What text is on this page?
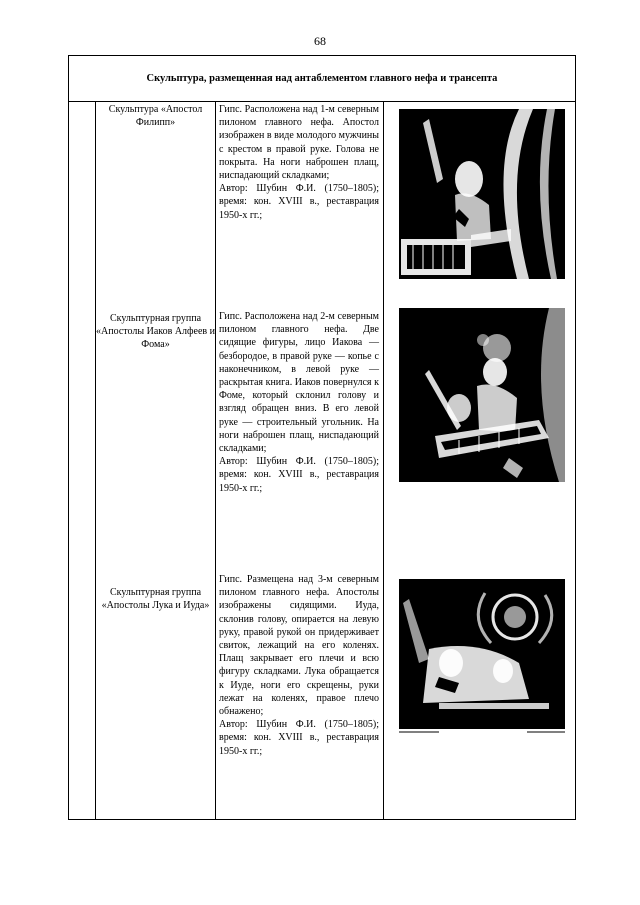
68
Скульптура, размещенная над антаблементом главного нефа и трансепта
Скульптура «Апостол Филипп»

Гипс. Расположена над 1-м северным пилоном главного нефа. Апостол изображен в виде молодого мужчины с крестом в правой руке. Голова не покрыта. На ноги наброшен плащ, ниспадающий складками;

Автор: Шубин Ф.И. (1750–1805); время: кон. XVIII в., реставрация 1950-х гг.;

Скульптурная группа «Апостолы Иаков Алфеев и Фома»

Гипс. Расположена над 2-м северным пилоном главного нефа. Две сидящие фигуры, лицо Иакова — безбородое, в правой руке — копье с наконечником, в левой руке — раскрытая книга. Иаков повернулся к Фоме, который склонил голову и взгляд обращен вниз. В его левой руке — строительный угольник. На ноги наброшен плащ, ниспадающий складками;

Автор: Шубин Ф.И. (1750–1805); время: кон. XVIII в., реставрация 1950-х гг.;

Скульптурная группа «Апостолы Лука и Иуда»

Гипс. Размещена над 3-м северным пилоном главного нефа. Апостолы изображены сидящими. Иуда, склонив голову, опирается на левую руку, правой рукой он придерживает свиток, лежащий на его коленях. Плащ закрывает его плечи и всю фигуру складками. Лука обращается к Иуде, ноги его скрещены, руки лежат на коленях, правое плечо обнажено;

Автор: Шубин Ф.И. (1750–1805); время: кон. XVIII в., реставрация 1950-х гг.;
